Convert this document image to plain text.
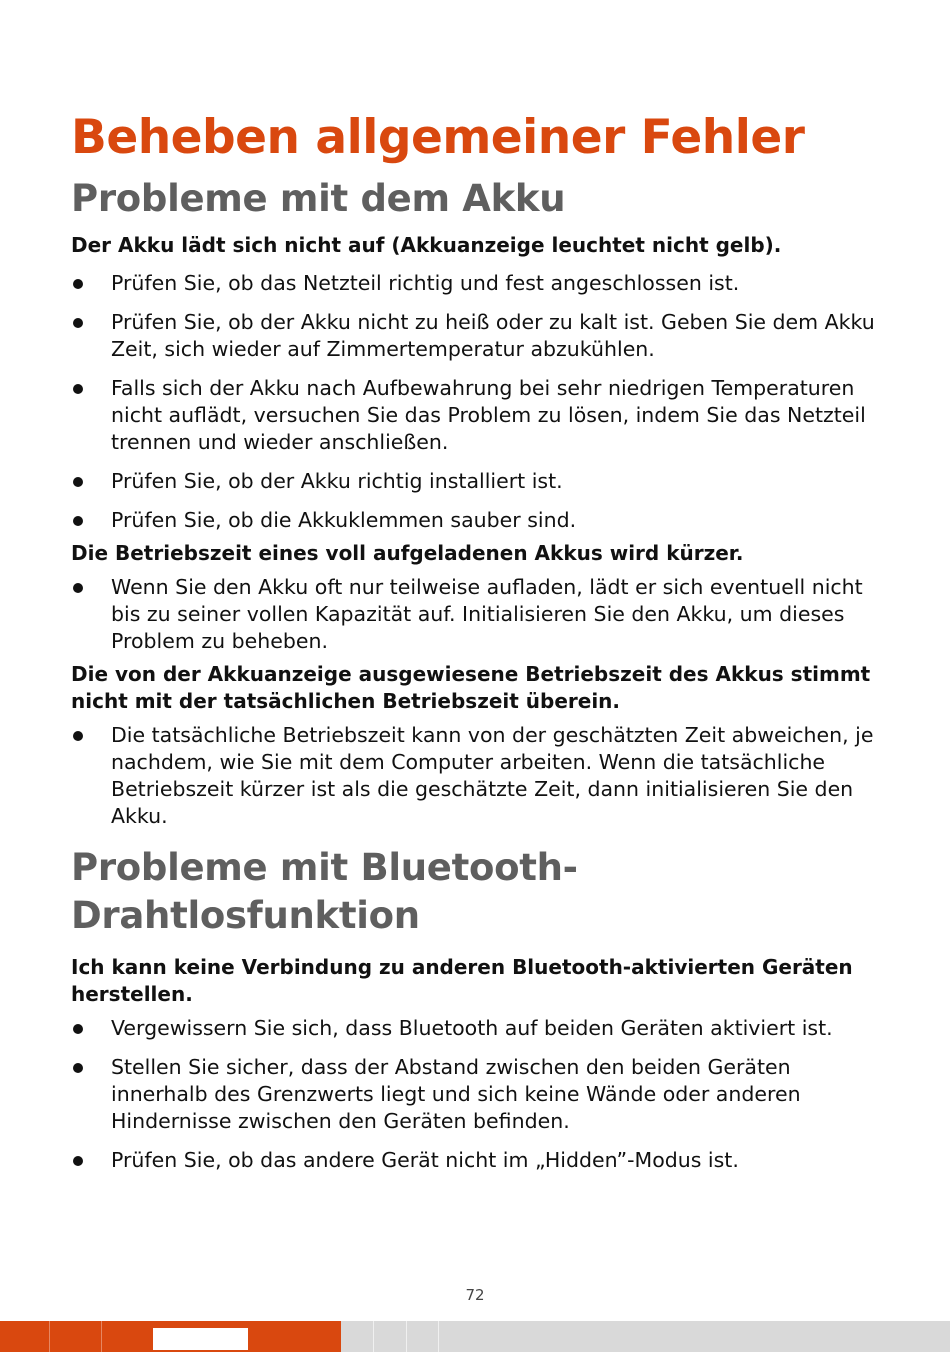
Beheben allgemeiner Fehler
Probleme mit dem Akku
Der Akku lädt sich nicht auf (Akkuanzeige leuchtet nicht gelb).
Prüfen Sie, ob das Netzteil richtig und fest angeschlossen ist.
Prüfen Sie, ob der Akku nicht zu heiß oder zu kalt ist. Geben Sie dem Akku Zeit, sich wieder auf Zimmertemperatur abzukühlen.
Falls sich der Akku nach Aufbewahrung bei sehr niedrigen Temperaturen nicht auflädt, versuchen Sie das Problem zu lösen, indem Sie das Netzteil trennen und wieder anschließen.
Prüfen Sie, ob der Akku richtig installiert ist.
Prüfen Sie, ob die Akkuklemmen sauber sind.
Die Betriebszeit eines voll aufgeladenen Akkus wird kürzer.
Wenn Sie den Akku oft nur teilweise aufladen, lädt er sich eventuell nicht bis zu seiner vollen Kapazität auf. Initialisieren Sie den Akku, um dieses Problem zu beheben.
Die von der Akkuanzeige ausgewiesene Betriebszeit des Akkus stimmt nicht mit der tatsächlichen Betriebszeit überein.
Die tatsächliche Betriebszeit kann von der geschätzten Zeit abweichen, je nachdem, wie Sie mit dem Computer arbeiten. Wenn die tatsächliche Betriebszeit kürzer ist als die geschätzte Zeit, dann initialisieren Sie den Akku.
Probleme mit Bluetooth-Drahtlosfunktion
Ich kann keine Verbindung zu anderen Bluetooth-aktivierten Geräten herstellen.
Vergewissern Sie sich, dass Bluetooth auf beiden Geräten aktiviert ist.
Stellen Sie sicher, dass der Abstand zwischen den beiden Geräten innerhalb des Grenzwerts liegt und sich keine Wände oder anderen Hindernisse zwischen den Geräten befinden.
Prüfen Sie, ob das andere Gerät nicht im „Hidden”-Modus ist.
72
